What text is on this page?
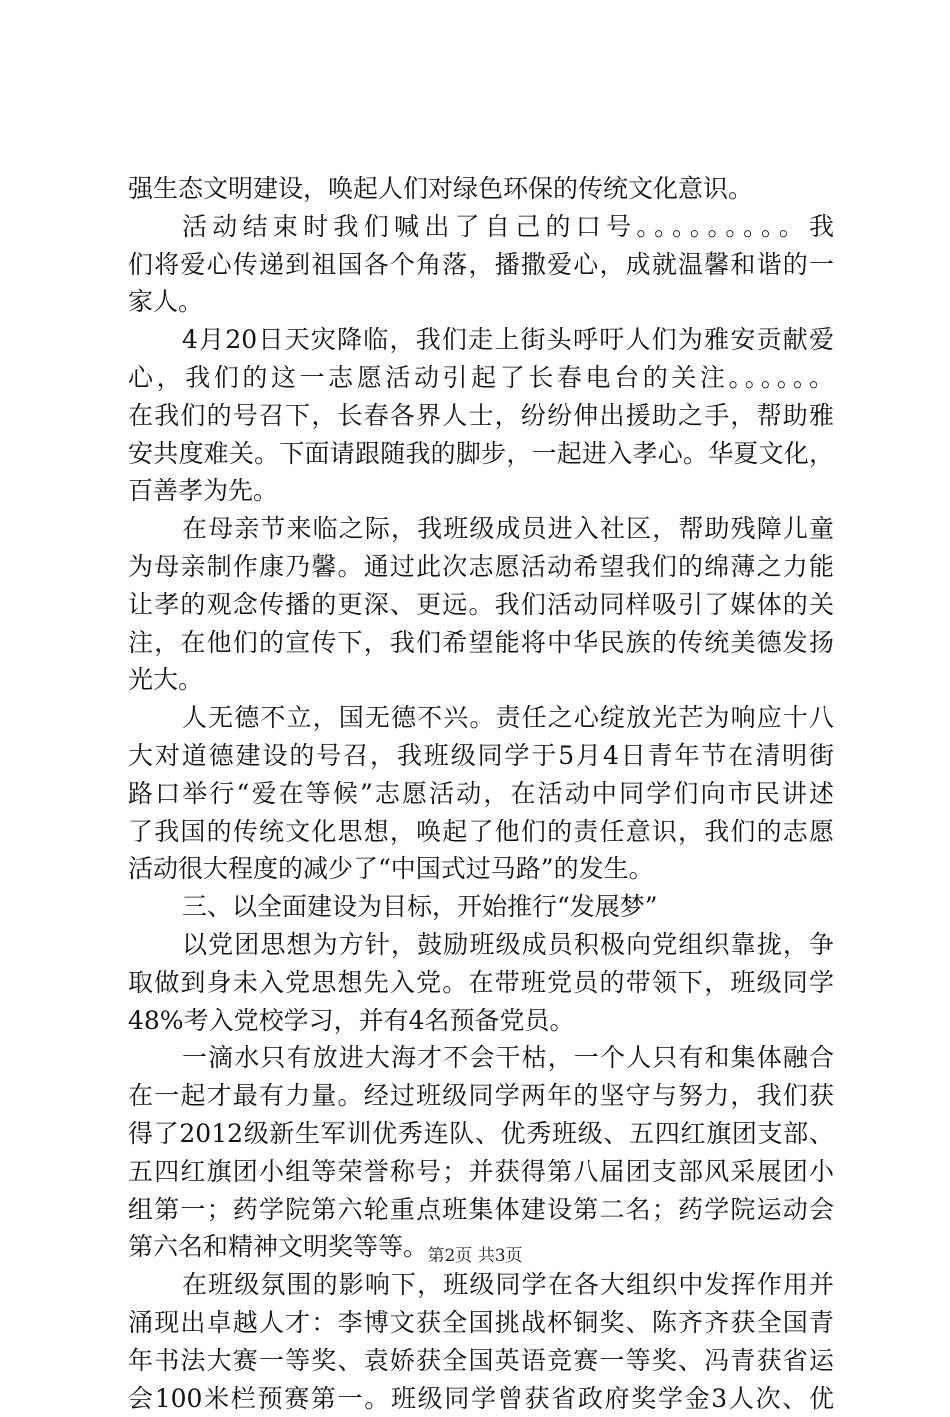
强生态文明建设，唤起人们对绿色环保的传统文化意识。
活动结束时我们喊出了自己的口号。。。。。。。。。我
们将爱心传递到祖国各个角落，播撒爱心，成就温馨和谐的一
家人。
4月20日天灾降临，我们走上街头呼吁人们为雅安贡献爱
心，我们的这一志愿活动引起了长春电台的关注。。。。。。
在我们的号召下，长春各界人士，纷纷伸出援助之手，帮助雅
安共度难关。下面请跟随我的脚步，一起进入孝心。华夏文化，
百善孝为先。
在母亲节来临之际，我班级成员进入社区，帮助残障儿童
为母亲制作康乃馨。通过此次志愿活动希望我们的绵薄之力能
让孝的观念传播的更深、更远。我们活动同样吸引了媒体的关
注，在他们的宣传下，我们希望能将中华民族的传统美德发扬
光大。
人无德不立，国无德不兴。责任之心绽放光芒为响应十八
大对道德建设的号召，我班级同学于5月4日青年节在清明街
路口举行“爱在等候”志愿活动，在活动中同学们向市民讲述
了我国的传统文化思想，唤起了他们的责任意识，我们的志愿
活动很大程度的减少了“中国式过马路”的发生。
三、以全面建设为目标，开始推行“发展梦”
以党团思想为方针，鼓励班级成员积极向党组织靠拢，争
取做到身未入党思想先入党。在带班党员的带领下，班级同学
48%考入党校学习，并有4名预备党员。
一滴水只有放进大海才不会干枯，一个人只有和集体融合
在一起才最有力量。经过班级同学两年的坚守与努力，我们获
得了2012级新生军训优秀连队、优秀班级、五四红旗团支部、
五四红旗团小组等荣誉称号；并获得第八届团支部风采展团小
组第一；药学院第六轮重点班集体建设第二名；药学院运动会
第六名和精神文明奖等等。
在班级氛围的影响下，班级同学在各大组织中发挥作用并
涌现出卓越人才：李博文获全国挑战杯铜奖、陈齐齐获全国青
年书法大赛一等奖、袁娇获全国英语竞赛一等奖、冯青获省运
会100米栏预赛第一。班级同学曾获省政府奖学金3人次、优
第2页 共3页
